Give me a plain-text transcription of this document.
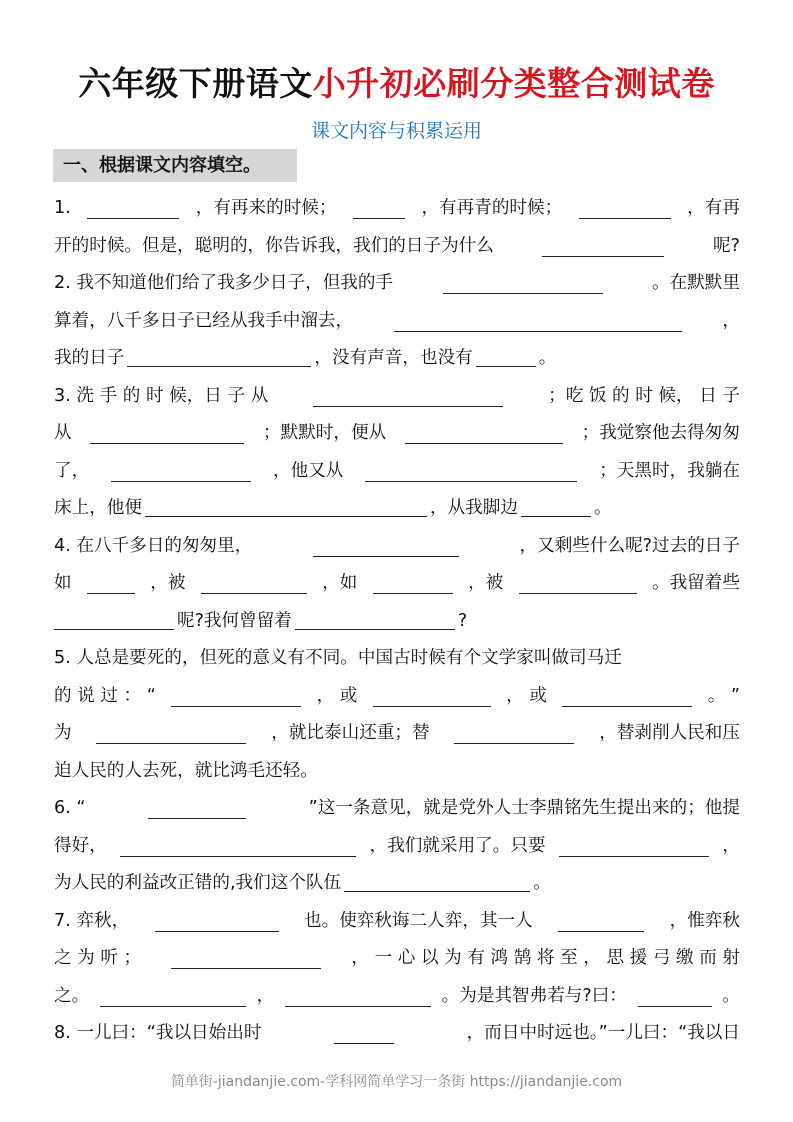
六年级下册语文小升初必刷分类整合测试卷
课文内容与积累运用
一、根据课文内容填空。
1.	，有再来的时候；	，有再青的时候；	，有再
开的时候。但是，聪明的，你告诉我，我们的日子为什么	呢?
2. 我不知道他们给了我多少日子，但我的手	。在默默里
算着，八千多日子已经从我手中溜去，	，
我的日子	，没有声音，也没有	。
3. 洗 手 的 时 候，日 子 从	；吃 饭 的 时 候， 日 子
从	；默默时，便从	；我觉察他去得匆匆
了，	，他又从	；天黑时，我躺在
床上，他便	，从我脚边	。
4. 在八千多日的匆匆里，	，又剩些什么呢?过去的日子
如	，被	，如	，被	。我留着些
呢?我何曾留着	?
5. 人总是要死的，但死的意义有不同。中国古时候有个文学家叫做司马迁
的 说 过 ： “	， 或	， 或	。 ”
为	，就比泰山还重；替	，替剥削人民和压
迫人民的人去死，就比鸿毛还轻。
6. “	”这一条意见，就是党外人士李鼎铭先生提出来的；他提
得好，	，我们就采用了。只要	，
为人民的利益改正错的,我们这个队伍	。
7. 弈秋，	也。使弈秋诲二人弈，其一人	，惟弈秋
之 为 听 ；	， 一 心 以 为 有 鸿 鹄 将 至 ， 思 援 弓 缴 而 射
之。	，	。为是其智弗若与?曰：	。
8. 一儿曰：“我以日始出时	，而日中时远也。”一儿曰：“我以日
简单街-jiandanjie.com-学科网简单学习一条街 https://jiandanjie.com
